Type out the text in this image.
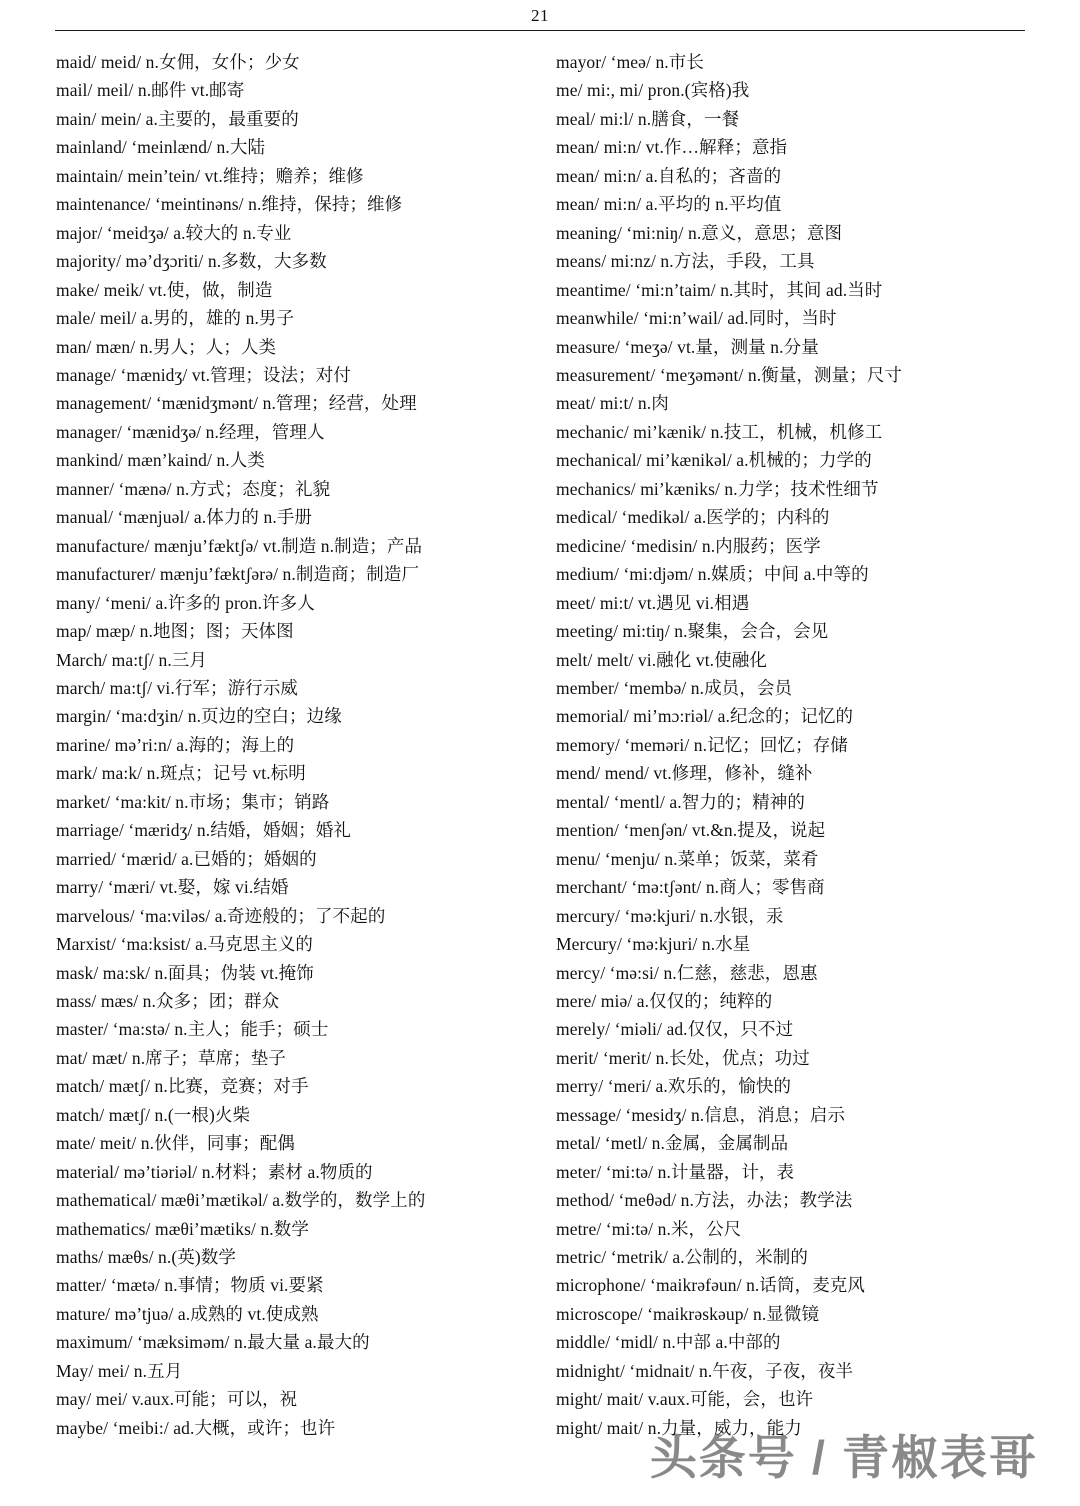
21
maid/ meid/ n.女佣，女仆；少女
mail/ meil/ n.邮件 vt.邮寄
main/ mein/ a.主要的，最重要的
mainland/ ‘meinlænd/ n.大陆
maintain/ mein’tein/ vt.维持；赡养；维修
maintenance/ ‘meintinəns/ n.维持，保持；维修
major/ ‘meidʒə/ a.较大的 n.专业
majority/ mə’dʒɔriti/ n.多数，大多数
make/ meik/ vt.使，做，制造
male/ meil/ a.男的，雄的 n.男子
man/ mæn/ n.男人；人；人类
manage/ ‘mænidʒ/ vt.管理；设法；对付
management/ ‘mænidʒmənt/ n.管理；经营，处理
manager/ ‘mænidʒə/ n.经理，管理人
mankind/ mæn’kaind/ n.人类
manner/ ‘mænə/ n.方式；态度；礼貌
manual/ ‘mænjuəl/ a.体力的 n.手册
manufacture/ mænju’fæktʃə/ vt.制造 n.制造；产品
manufacturer/ mænju’fæktʃərə/ n.制造商；制造厂
many/ ‘meni/ a.许多的 pron.许多人
map/ mæp/ n.地图；图；天体图
March/ ma:tʃ/ n.三月
march/ ma:tʃ/ vi.行军；游行示威
margin/ ‘ma:dʒin/ n.页边的空白；边缘
marine/ mə’ri:n/ a.海的；海上的
mark/ ma:k/ n.斑点；记号 vt.标明
market/ ‘ma:kit/ n.市场；集市；销路
marriage/ ‘mæridʒ/ n.结婚，婚姻；婚礼
married/ ‘mærid/ a.已婚的；婚姻的
marry/ ‘mæri/ vt.娶，嫁 vi.结婚
marvelous/ ‘ma:viləs/ a.奇迹般的；了不起的
Marxist/ ‘ma:ksist/ a.马克思主义的
mask/ ma:sk/ n.面具；伪装 vt.掩饰
mass/ mæs/ n.众多；团；群众
master/ ‘ma:stə/ n.主人；能手；硕士
mat/ mæt/ n.席子；草席；垫子
match/ mætʃ/ n.比赛，竞赛；对手
match/ mætʃ/ n.(一根)火柴
mate/ meit/ n.伙伴，同事；配偶
material/ mə’tiəriəl/ n.材料；素材 a.物质的
mathematical/ mæθi’mætikəl/ a.数学的，数学上的
mathematics/ mæθi’mætiks/ n.数学
maths/ mæθs/ n.(英)数学
matter/ ‘mætə/ n.事情；物质 vi.要紧
mature/ mə’tjuə/ a.成熟的 vt.使成熟
maximum/ ‘mæksiməm/ n.最大量 a.最大的
May/ mei/ n.五月
may/ mei/ v.aux.可能；可以，祝
maybe/ ‘meibi:/ ad.大概，或许；也许
mayor/ ‘meə/ n.市长
me/ mi:, mi/ pron.(宾格)我
meal/ mi:l/ n.膳食，一餐
mean/ mi:n/ vt.作…解释；意指
mean/ mi:n/ a.自私的；吝啬的
mean/ mi:n/ a.平均的 n.平均值
meaning/ ‘mi:niŋ/ n.意义，意思；意图
means/ mi:nz/ n.方法，手段，工具
meantime/ ‘mi:n’taim/ n.其时，其间 ad.当时
meanwhile/ ‘mi:n’wail/ ad.同时，当时
measure/ ‘meʒə/ vt.量，测量 n.分量
measurement/ ‘meʒəmənt/ n.衡量，测量；尺寸
meat/ mi:t/ n.肉
mechanic/ mi’kænik/ n.技工，机械，机修工
mechanical/ mi’kænikəl/ a.机械的；力学的
mechanics/ mi’kæniks/ n.力学；技术性细节
medical/ ‘medikəl/ a.医学的；内科的
medicine/ ‘medisin/ n.内服药；医学
medium/ ‘mi:djəm/ n.媒质；中间 a.中等的
meet/ mi:t/ vt.遇见 vi.相遇
meeting/ mi:tiŋ/ n.聚集，会合，会见
melt/ melt/ vi.融化 vt.使融化
member/ ‘membə/ n.成员，会员
memorial/ mi’mɔ:riəl/ a.纪念的；记忆的
memory/ ‘meməri/ n.记忆；回忆；存储
mend/ mend/ vt.修理，修补，缝补
mental/ ‘mentl/ a.智力的；精神的
mention/ ‘menʃən/ vt.&n.提及，说起
menu/ ‘menju/ n.菜单；饭菜，菜肴
merchant/ ‘mə:tʃənt/ n.商人；零售商
mercury/ ‘mə:kjuri/ n.水银，汞
Mercury/ ‘mə:kjuri/ n.水星
mercy/ ‘mə:si/ n.仁慈，慈悲，恩惠
mere/ miə/ a.仅仅的；纯粹的
merely/ ‘miəli/ ad.仅仅，只不过
merit/ ‘merit/ n.长处，优点；功过
merry/ ‘meri/ a.欢乐的，愉快的
message/ ‘mesidʒ/ n.信息，消息；启示
metal/ ‘metl/ n.金属，金属制品
meter/ ‘mi:tə/ n.计量器，计，表
method/ ‘meθəd/ n.方法，办法；教学法
metre/ ‘mi:tə/ n.米，公尺
metric/ ‘metrik/ a.公制的，米制的
microphone/ ‘maikrəfəun/ n.话筒，麦克风
microscope/ ‘maikrəskəup/ n.显微镜
middle/ ‘midl/ n.中部 a.中部的
midnight/ ‘midnait/ n.午夜，子夜，夜半
might/ mait/ v.aux.可能，会，也许
might/ mait/ n.力量，威力，能力
头条号 / 青椒表哥
